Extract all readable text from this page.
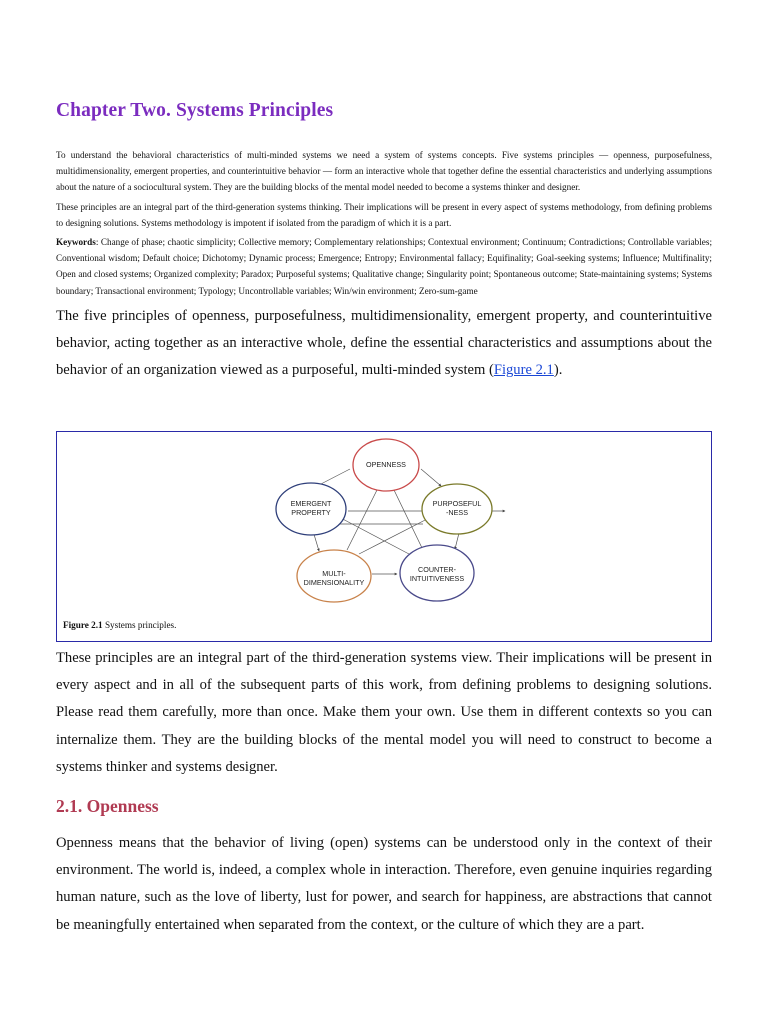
Chapter Two. Systems Principles

To understand the behavioral characteristics of multi-minded systems we need a system of systems concepts. Five systems principles — openness, purposefulness, multidimensionality, emergent properties, and counterintuitive behavior — form an interactive whole that together define the essential characteristics and underlying assumptions about the nature of a sociocultural system. They are the building blocks of the mental model needed to become a systems thinker and designer.

These principles are an integral part of the third-generation systems thinking. Their implications will be present in every aspect of systems methodology, from defining problems to designing solutions. Systems methodology is impotent if isolated from the paradigm of which it is a part.

Keywords: Change of phase; chaotic simplicity; Collective memory; Complementary relationships; Contextual environment; Continuum; Contradictions; Controllable variables; Conventional wisdom; Default choice; Dichotomy; Dynamic process; Emergence; Entropy; Environmental fallacy; Equifinality; Goal-seeking systems; Influence; Multifinality; Open and closed systems; Organized complexity; Paradox; Purposeful systems; Qualitative change; Singularity point; Spontaneous outcome; State-maintaining systems; Systems boundary; Transactional environment; Typology; Uncontrollable variables; Win/win environment; Zero-sum-game

The five principles of openness, purposefulness, multidimensionality, emergent property, and counterintuitive behavior, acting together as an interactive whole, define the essential characteristics and assumptions about the behavior of an organization viewed as a purposeful, multi-minded system (Figure 2.1).

OPENNESS
EMERGENT
PROPERTY
PURPOSEFUL
-NESS
MULTI-
DIMENSIONALITY
COUNTER-
INTUITIVENESS
Figure 2.1 Systems principles.

These principles are an integral part of the third-generation systems view. Their implications will be present in every aspect and in all of the subsequent parts of this work, from defining problems to designing solutions. Please read them carefully, more than once. Make them your own. Use them in different contexts so you can internalize them. They are the building blocks of the mental model you will need to construct to become a systems thinker and systems designer.

2.1. Openness

Openness means that the behavior of living (open) systems can be understood only in the context of their environment. The world is, indeed, a complex whole in interaction. Therefore, even genuine inquiries regarding human nature, such as the love of liberty, lust for power, and search for happiness, are abstractions that cannot be meaningfully entertained when separated from the context, or the culture of which they are a part.
